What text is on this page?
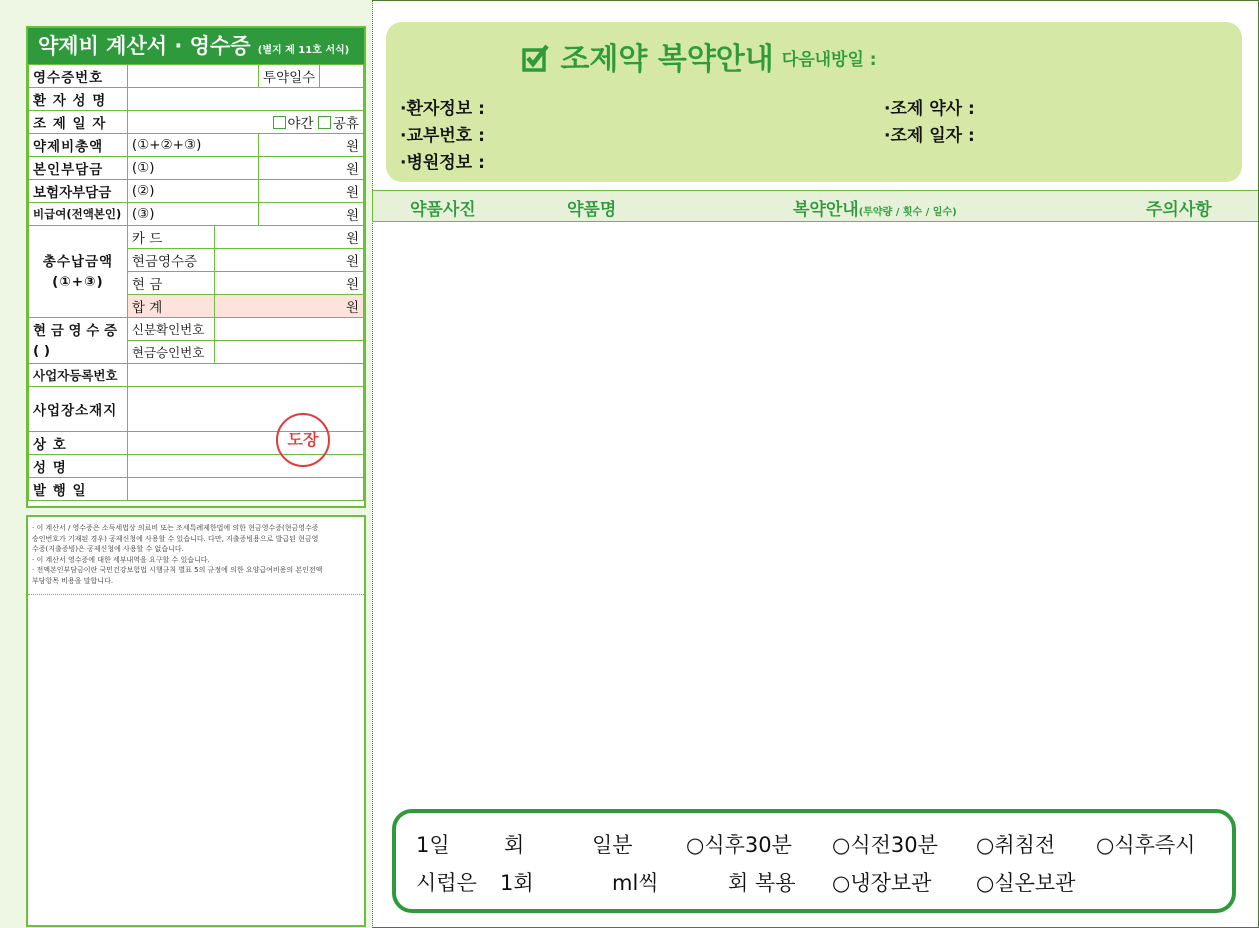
약제비 계산서 · 영수증 (별지 제 11호 서식)
영수증번호			투약일수	
환 자 성 명				
조 제 일 자	야간 공휴			
약제비총액	(①+②+③)		원	
본인부담금	(①)		원	
보험자부담금	(②)		원	
비급여(전액본인)	(③)		원	

총수납금액
(①+③)	카 드	원		
	현금영수증	원		
	현 금	원		
	합 계	원		

현 금 영 수 증
( )	신분확인번호			
	현금승인번호			
사업자등록번호				
사업장소재지				
상 호				
성 명				
발 행 일				
도장
· 이 계산서 / 영수증은 소득세법상 의료비 또는 조세특례제한법에 의한 현금영수증(현금영수증
승인번호가 기재된 경우) 공제신청에 사용할 수 있습니다. 다만, 지출증빙용으로 발급된 현금영
수증(지출증빙)은 공제신청에 사용할 수 없습니다.
· 이 계산서 영수증에 대한 세부내역을 요구할 수 있습니다.
· 전액본인부담금이란 국민건강보험법 시행규칙 별표 5의 규정에 의한 요양급여비용의 본인전액
부담항목 비용을 말합니다.
조제약 복약안내 다음내방일 :
·환자정보 :
·교부번호 :
·병원정보 :
·조제 약사 :
·조제 일자 :
약품사진	약품명	복약안내(투약량 / 횟수 / 일수)	주의사항
1일	회	일분	○식후30분 ○식전30분 ○취침전 ○식후즉시
시럽은 1회	ml씩	회 복용 ○냉장보관 ○실온보관
